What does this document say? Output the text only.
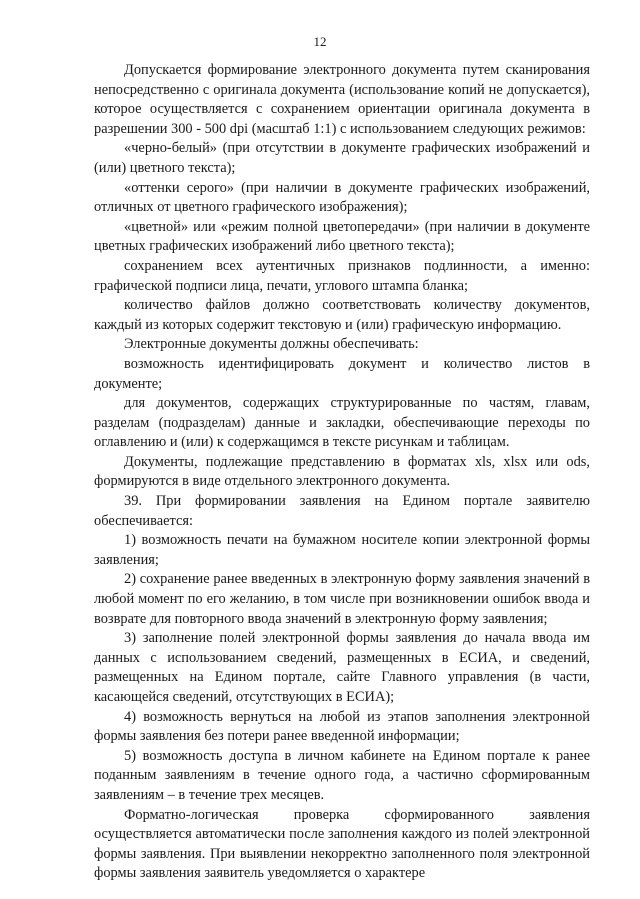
12

Допускается формирование электронного документа путем сканирования непосредственно с оригинала документа (использование копий не допускается), которое осуществляется с сохранением ориентации оригинала документа в разрешении 300 - 500 dpi (масштаб 1:1) с использованием следующих режимов:

«черно-белый» (при отсутствии в документе графических изображений и (или) цветного текста);

«оттенки серого» (при наличии в документе графических изображений, отличных от цветного графического изображения);

«цветной» или «режим полной цветопередачи» (при наличии в документе цветных графических изображений либо цветного текста);

сохранением всех аутентичных признаков подлинности, а именно: графической подписи лица, печати, углового штампа бланка;

количество файлов должно соответствовать количеству документов, каждый из которых содержит текстовую и (или) графическую информацию.

Электронные документы должны обеспечивать:

возможность идентифицировать документ и количество листов в документе;

для документов, содержащих структурированные по частям, главам, разделам (подразделам) данные и закладки, обеспечивающие переходы по оглавлению и (или) к содержащимся в тексте рисункам и таблицам.

Документы, подлежащие представлению в форматах xls, xlsx или ods, формируются в виде отдельного электронного документа.

39. При формировании заявления на Едином портале заявителю обеспечивается:

1) возможность печати на бумажном носителе копии электронной формы заявления;

2) сохранение ранее введенных в электронную форму заявления значений в любой момент по его желанию, в том числе при возникновении ошибок ввода и возврате для повторного ввода значений в электронную форму заявления;

3) заполнение полей электронной формы заявления до начала ввода им данных с использованием сведений, размещенных в ЕСИА, и сведений, размещенных на Едином портале, сайте Главного управления (в части, касающейся сведений, отсутствующих в ЕСИА);

4) возможность вернуться на любой из этапов заполнения электронной формы заявления без потери ранее введенной информации;

5) возможность доступа в личном кабинете на Едином портале к ранее поданным заявлениям в течение одного года, а частично сформированным заявлениям – в течение трех месяцев.

Форматно-логическая проверка сформированного заявления осуществляется автоматически после заполнения каждого из полей электронной формы заявления. При выявлении некорректно заполненного поля электронной формы заявления заявитель уведомляется о характере
